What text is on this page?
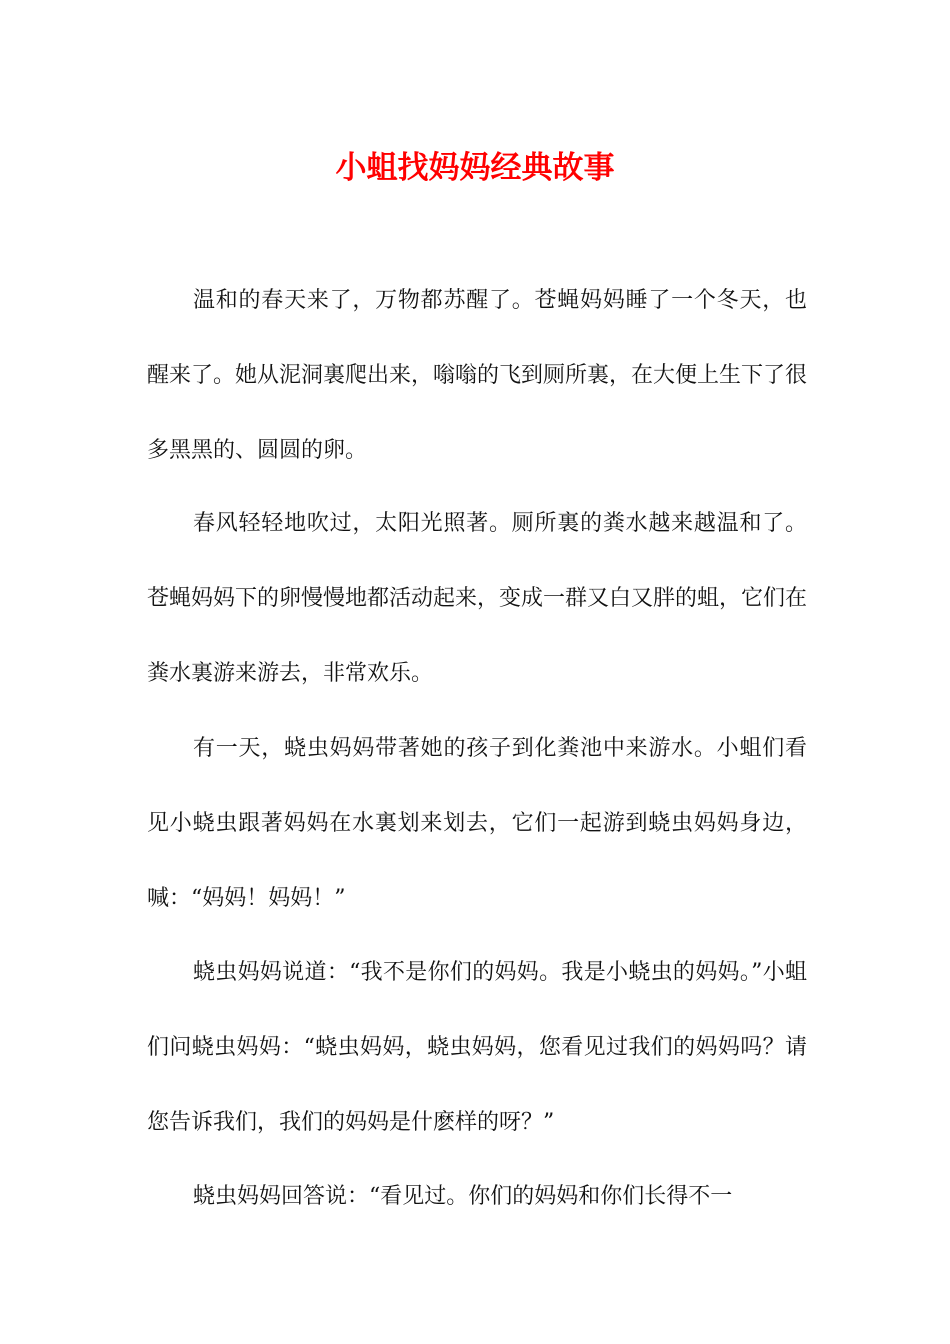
小蛆找妈妈经典故事

温和的春天来了，万物都苏醒了。苍蝇妈妈睡了一个冬天，也醒来了。她从泥洞裏爬出来，嗡嗡的飞到厕所裏，在大便上生下了很多黑黑的、圆圆的卵。

春风轻轻地吹过，太阳光照著。厕所裏的粪水越来越温和了。苍蝇妈妈下的卵慢慢地都活动起来，变成一群又白又胖的蛆，它们在粪水裏游来游去，非常欢乐。

有一天，蛲虫妈妈带著她的孩子到化粪池中来游水。小蛆们看见小蛲虫跟著妈妈在水裏划来划去，它们一起游到蛲虫妈妈身边，喊：“妈妈！妈妈！”

蛲虫妈妈说道：“我不是你们的妈妈。我是小蛲虫的妈妈。”小蛆们问蛲虫妈妈：“蛲虫妈妈，蛲虫妈妈，您看见过我们的妈妈吗？请您告诉我们，我们的妈妈是什麽样的呀？”

蛲虫妈妈回答说：“看见过。你们的妈妈和你们长得不一
